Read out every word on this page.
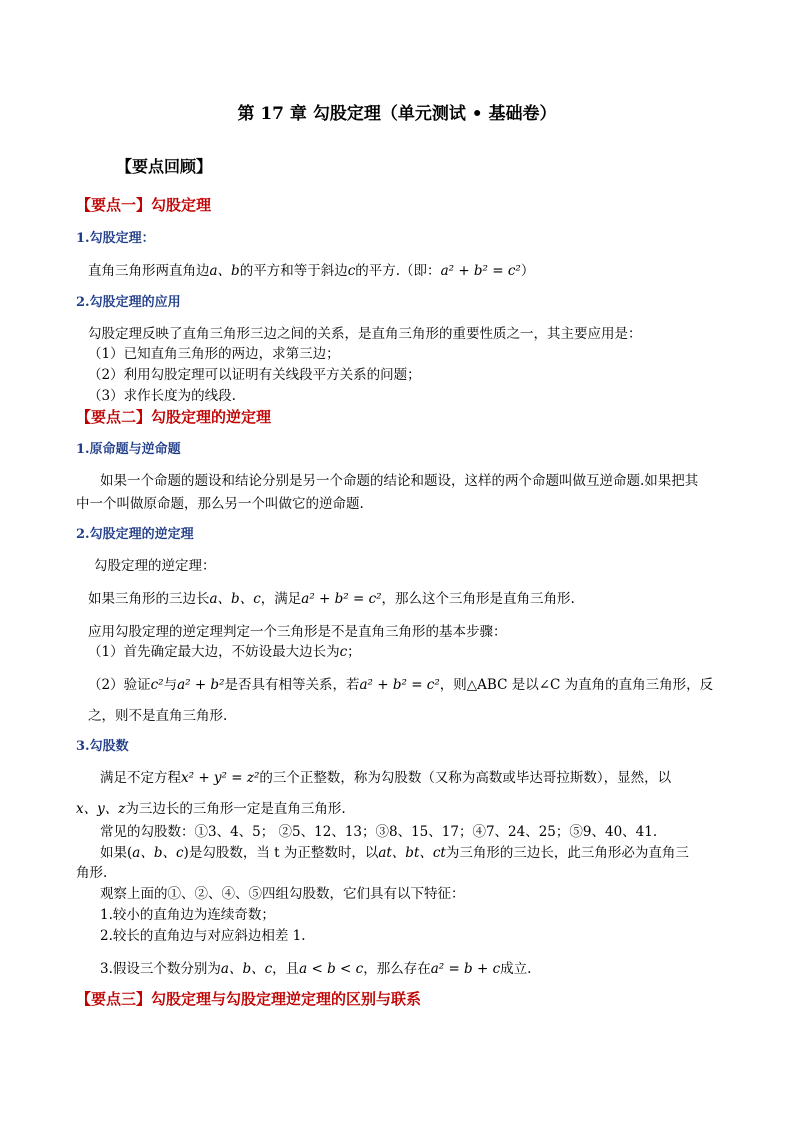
第 17 章 勾股定理（单元测试 • 基础卷）
【要点回顾】
【要点一】勾股定理
1.勾股定理：
直角三角形两直角边a、b的平方和等于斜边c的平方.（即：a² + b² = c²）
2.勾股定理的应用
勾股定理反映了直角三角形三边之间的关系，是直角三角形的重要性质之一，其主要应用是：
（1）已知直角三角形的两边，求第三边；
（2）利用勾股定理可以证明有关线段平方关系的问题；
（3）求作长度为的线段.
【要点二】勾股定理的逆定理
1.原命题与逆命题
如果一个命题的题设和结论分别是另一个命题的结论和题设，这样的两个命题叫做互逆命题.如果把其
中一个叫做原命题，那么另一个叫做它的逆命题.
2.勾股定理的逆定理
勾股定理的逆定理：
如果三角形的三边长a、b、c，满足a² + b² = c²，那么这个三角形是直角三角形.
应用勾股定理的逆定理判定一个三角形是不是直角三角形的基本步骤：
（1）首先确定最大边，不妨设最大边长为c；
（2）验证c²与a² + b²是否具有相等关系，若a² + b² = c²，则△ABC 是以∠C 为直角的直角三角形，反
之，则不是直角三角形.
3.勾股数
满足不定方程x² + y² = z²的三个正整数，称为勾股数（又称为高数或毕达哥拉斯数），显然，以
x、y、z为三边长的三角形一定是直角三角形.
常见的勾股数：①3、4、5； ②5、12、13；③8、15、17；④7、24、25；⑤9、40、41.
如果(a、b、c)是勾股数，当 t 为正整数时，以at、bt、ct为三角形的三边长，此三角形必为直角三
角形.
观察上面的①、②、④、⑤四组勾股数，它们具有以下特征：
1.较小的直角边为连续奇数；
2.较长的直角边与对应斜边相差 1.
3.假设三个数分别为a、b、c，且a < b < c，那么存在a² = b + c成立.
【要点三】勾股定理与勾股定理逆定理的区别与联系
